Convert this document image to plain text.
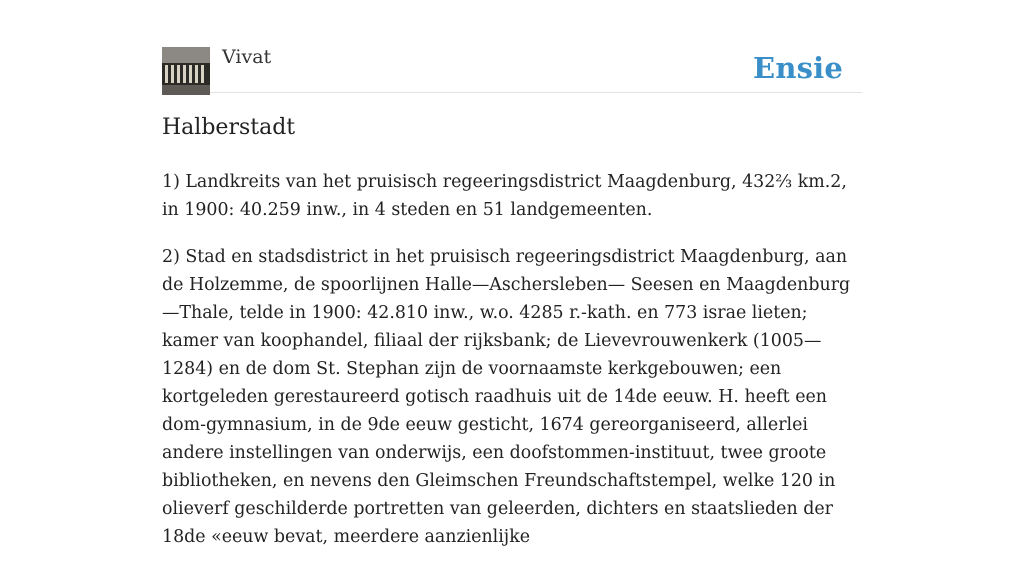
Vivat	Ensie
Halberstadt

1) Landkreits van het pruisisch regeeringsdistrict Maagdenburg, 432⅔ km.2, in 1900: 40.259 inw., in 4 steden en 51 landgemeenten.

2) Stad en stadsdistrict in het pruisisch regeeringsdistrict Maagdenburg, aan de Holzemme, de spoorlijnen Halle—Aschersleben— Seesen en Maagdenburg—Thale, telde in 1900: 42.810 inw., w.o. 4285 r.-kath. en 773 israe lieten; kamer van koophandel, filiaal der rijksbank; de Lievevrouwenkerk (1005—1284) en de dom St. Stephan zijn de voornaamste kerkgebouwen; een kortgeleden gerestaureerd gotisch raadhuis uit de 14de eeuw. H. heeft een dom-gymnasium, in de 9de eeuw gesticht, 1674 gereorganiseerd, allerlei andere instellingen van onderwijs, een doofstommen-instituut, twee groote bibliotheken, en nevens den Gleimschen Freundschaftstempel, welke 120 in olieverf geschilderde portretten van geleerden, dichters en staatslieden der 18de «eeuw bevat, meerdere aanzienlijke
